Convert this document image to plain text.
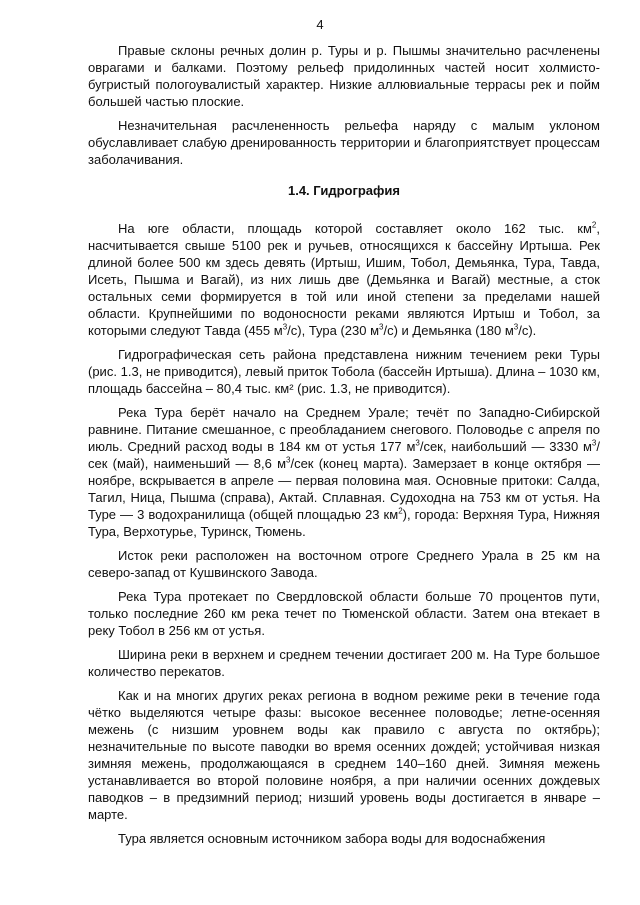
4

Правые склоны речных долин р. Туры и р. Пышмы значительно расчленены оврагами и балками. Поэтому рельеф придолинных частей носит холмисто-бугристый пологоувалистый характер. Низкие аллювиальные террасы рек и пойм большей частью плоские.

Незначительная расчлененность рельефа наряду с малым уклоном обуславливает слабую дренированность территории и благоприятствует процессам заболачивания.

1.4. Гидрография

На юге области, площадь которой составляет около 162 тыс. $км^2$, насчитывается свыше 5100 рек и ручьев, относящихся к бассейну Иртыша. Рек длиной более 500 км здесь девять (Иртыш, Ишим, Тобол, Демьянка, Тура, Тавда, Исеть, Пышма и Вагай), из них лишь две (Демьянка и Вагай) местные, а сток остальных семи формируется в той или иной степени за пределами нашей области. Крупнейшими по водоносности реками являются Иртыш и Тобол, за которыми следуют Тавда (455 $м^3/с$), Тура (230 $м^3/с$) и Демьянка (180 $м^3/с$).

Гидрографическая сеть района представлена нижним течением реки Туры (рис. 1.3, не приводится), левый приток Тобола (бассейн Иртыша). Длина – 1030 км, площадь бассейна – 80,4 тыс. км² (рис. 1.3, не приводится).

Река Тура берёт начало на Среднем Урале; течёт по Западно-Сибирской равнине. Питание смешанное, с преобладанием снегового. Половодье с апреля по июль. Средний расход воды в 184 км от устья 177 $м^3$/сек, наибольший — 3330 $м^3$/сек (май), наименьший — 8,6 $м^3$/сек (конец марта). Замерзает в конце октября — ноябре, вскрывается в апреле — первая половина мая. Основные притоки: Салда, Тагил, Ница, Пышма (справа), Актай. Сплавная. Судоходна на 753 км от устья. На Туре — 3 водохранилища (общей площадью 23 $км^2$), города: Верхняя Тура, Нижняя Тура, Верхотурье, Туринск, Тюмень.

Исток реки расположен на восточном отроге Среднего Урала в 25 км на северо-запад от Кушвинского Завода.

Река Тура протекает по Свердловской области больше 70 процентов пути, только последние 260 км река течет по Тюменской области. Затем она втекает в реку Тобол в 256 км от устья.

Ширина реки в верхнем и среднем течении достигает 200 м. На Туре большое количество перекатов.

Как и на многих других реках региона в водном режиме реки в течение года чётко выделяются четыре фазы: высокое весеннее половодье; летне-осенняя межень (с низшим уровнем воды как правило с августа по октябрь); незначительные по высоте паводки во время осенних дождей; устойчивая низкая зимняя межень, продолжающаяся в среднем 140–160 дней. Зимняя межень устанавливается во второй половине ноября, а при наличии осенних дождевых паводков – в предзимний период; низший уровень воды достигается в январе – марте.

Тура является основным источником забора воды для водоснабжения
